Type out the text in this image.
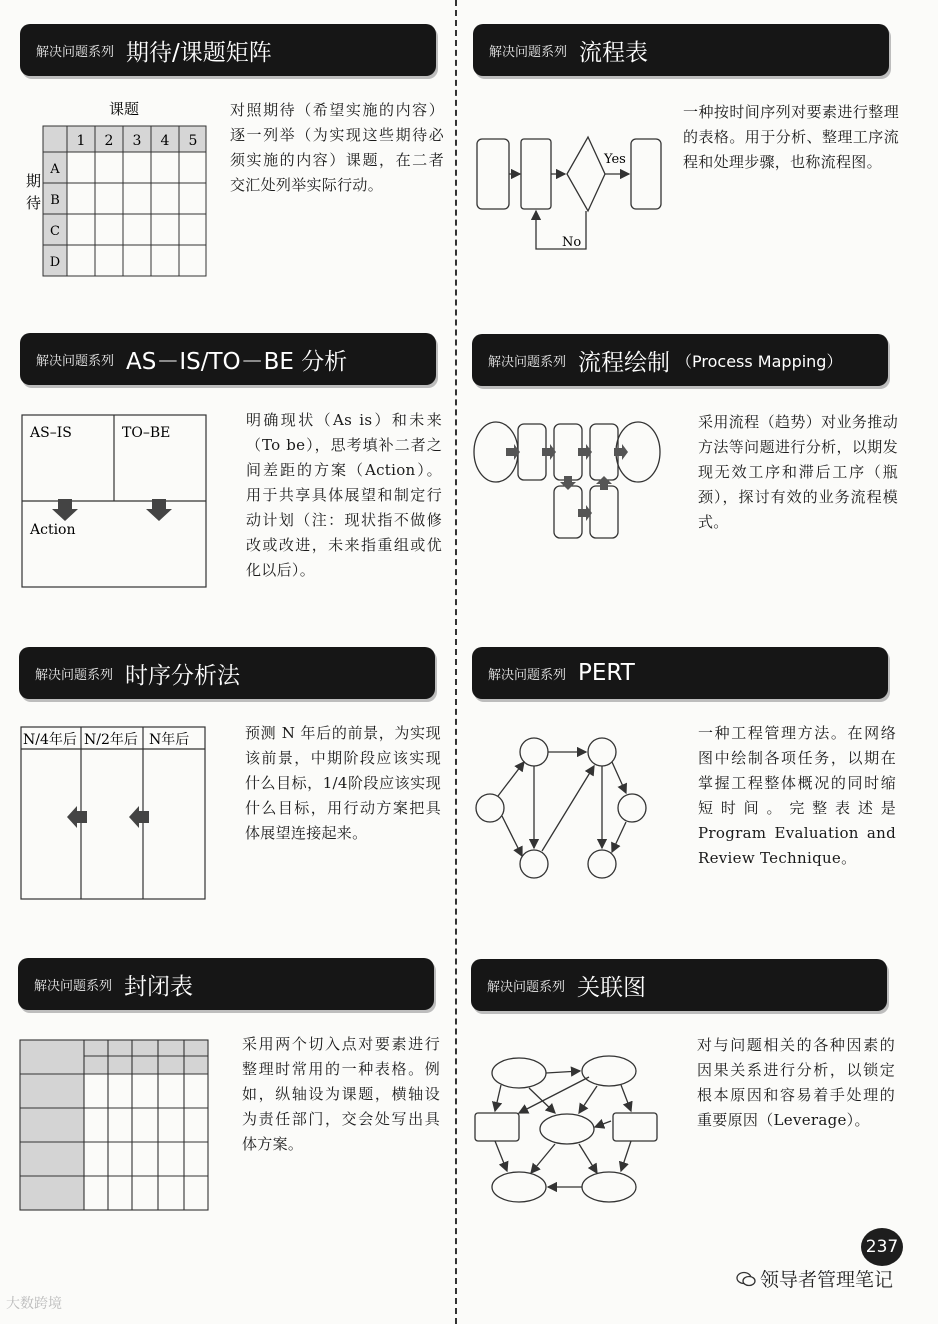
解决问题系列 期待/课题矩阵
课题
期
待
1 2 3 4 5
A
B
C
D
对照期待（希望实施的内容）逐一列举（为实现这些期待必须实施的内容）课题，在二者交汇处列举实际行动。
解决问题系列 流程表
Yes
No
一种按时间序列对要素进行整理的表格。用于分析、整理工序流程和处理步骤，也称流程图。
解决问题系列 AS－IS/TO－BE 分析
AS–IS	TO–BE
Action
明确现状（As is）和未来（To be），思考填补二者之间差距的方案（Action）。用于共享具体展望和制定行动计划（注：现状指不做修改或改进，未来指重组或优化以后）。
解决问题系列 流程绘制 （Process Mapping）
采用流程（趋势）对业务推动方法等问题进行分析，以期发现无效工序和滞后工序（瓶颈），探讨有效的业务流程模式。
解决问题系列 时序分析法
N/4年后 N/2年后 N年后	预测 N 年后的前景，为实现该前景，中期阶段应该实现什么目标，1/4阶段应该实现什么目标，用行动方案把具体展望连接起来。
解决问题系列 PERT
一种工程管理方法。在网络图中绘制各项任务，以期在掌握工程整体概况的同时缩短时间。完整表述是 Program Evaluation and Review Technique。
解决问题系列 封闭表
采用两个切入点对要素进行整理时常用的一种表格。例如，纵轴设为课题，横轴设为责任部门，交会处写出具体方案。
解决问题系列 关联图
对与问题相关的各种因素的因果关系进行分析，以锁定根本原因和容易着手处理的重要原因（Leverage）。
237
领导者管理笔记
大数跨境
